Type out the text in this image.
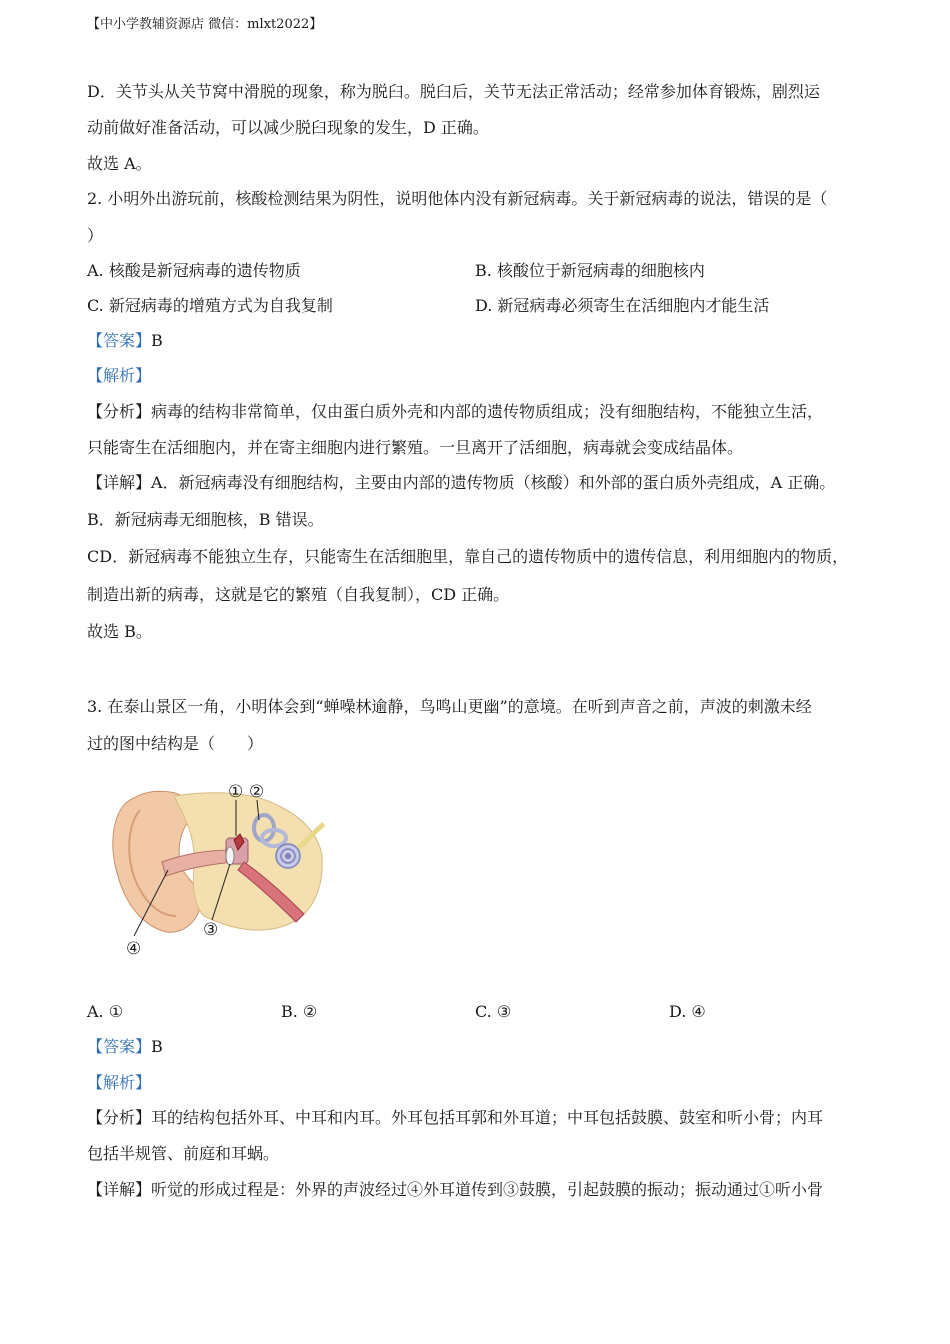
【中小学教辅资源店 微信：mlxt2022】
D．关节头从关节窝中滑脱的现象，称为脱臼。脱臼后，关节无法正常活动；经常参加体育锻炼，剧烈运
动前做好准备活动，可以减少脱臼现象的发生，D 正确。
故选 A。
2. 小明外出游玩前，核酸检测结果为阴性，说明他体内没有新冠病毒。关于新冠病毒的说法，错误的是（
）
A. 核酸是新冠病毒的遗传物质	B. 核酸位于新冠病毒的细胞核内
C. 新冠病毒的增殖方式为自我复制	D. 新冠病毒必须寄生在活细胞内才能生活
【答案】B
【解析】
【分析】病毒的结构非常简单，仅由蛋白质外壳和内部的遗传物质组成；没有细胞结构，不能独立生活，
只能寄生在活细胞内，并在寄主细胞内进行繁殖。一旦离开了活细胞，病毒就会变成结晶体。
【详解】A．新冠病毒没有细胞结构，主要由内部的遗传物质（核酸）和外部的蛋白质外壳组成，A 正确。
B．新冠病毒无细胞核，B 错误。
CD．新冠病毒不能独立生存，只能寄生在活细胞里，靠自己的遗传物质中的遗传信息，利用细胞内的物质，
制造出新的病毒，这就是它的繁殖（自我复制），CD 正确。
故选 B。
3. 在泰山景区一角，小明体会到“蝉噪林逾静，鸟鸣山更幽”的意境。在听到声音之前，声波的刺激未经
过的图中结构是（　　）
① ②
③
④
A. ①	B. ②	C. ③	D. ④
【答案】B
【解析】
【分析】耳的结构包括外耳、中耳和内耳。外耳包括耳郭和外耳道；中耳包括鼓膜、鼓室和听小骨；内耳
包括半规管、前庭和耳蜗。
【详解】听觉的形成过程是：外界的声波经过④外耳道传到③鼓膜，引起鼓膜的振动；振动通过①听小骨
